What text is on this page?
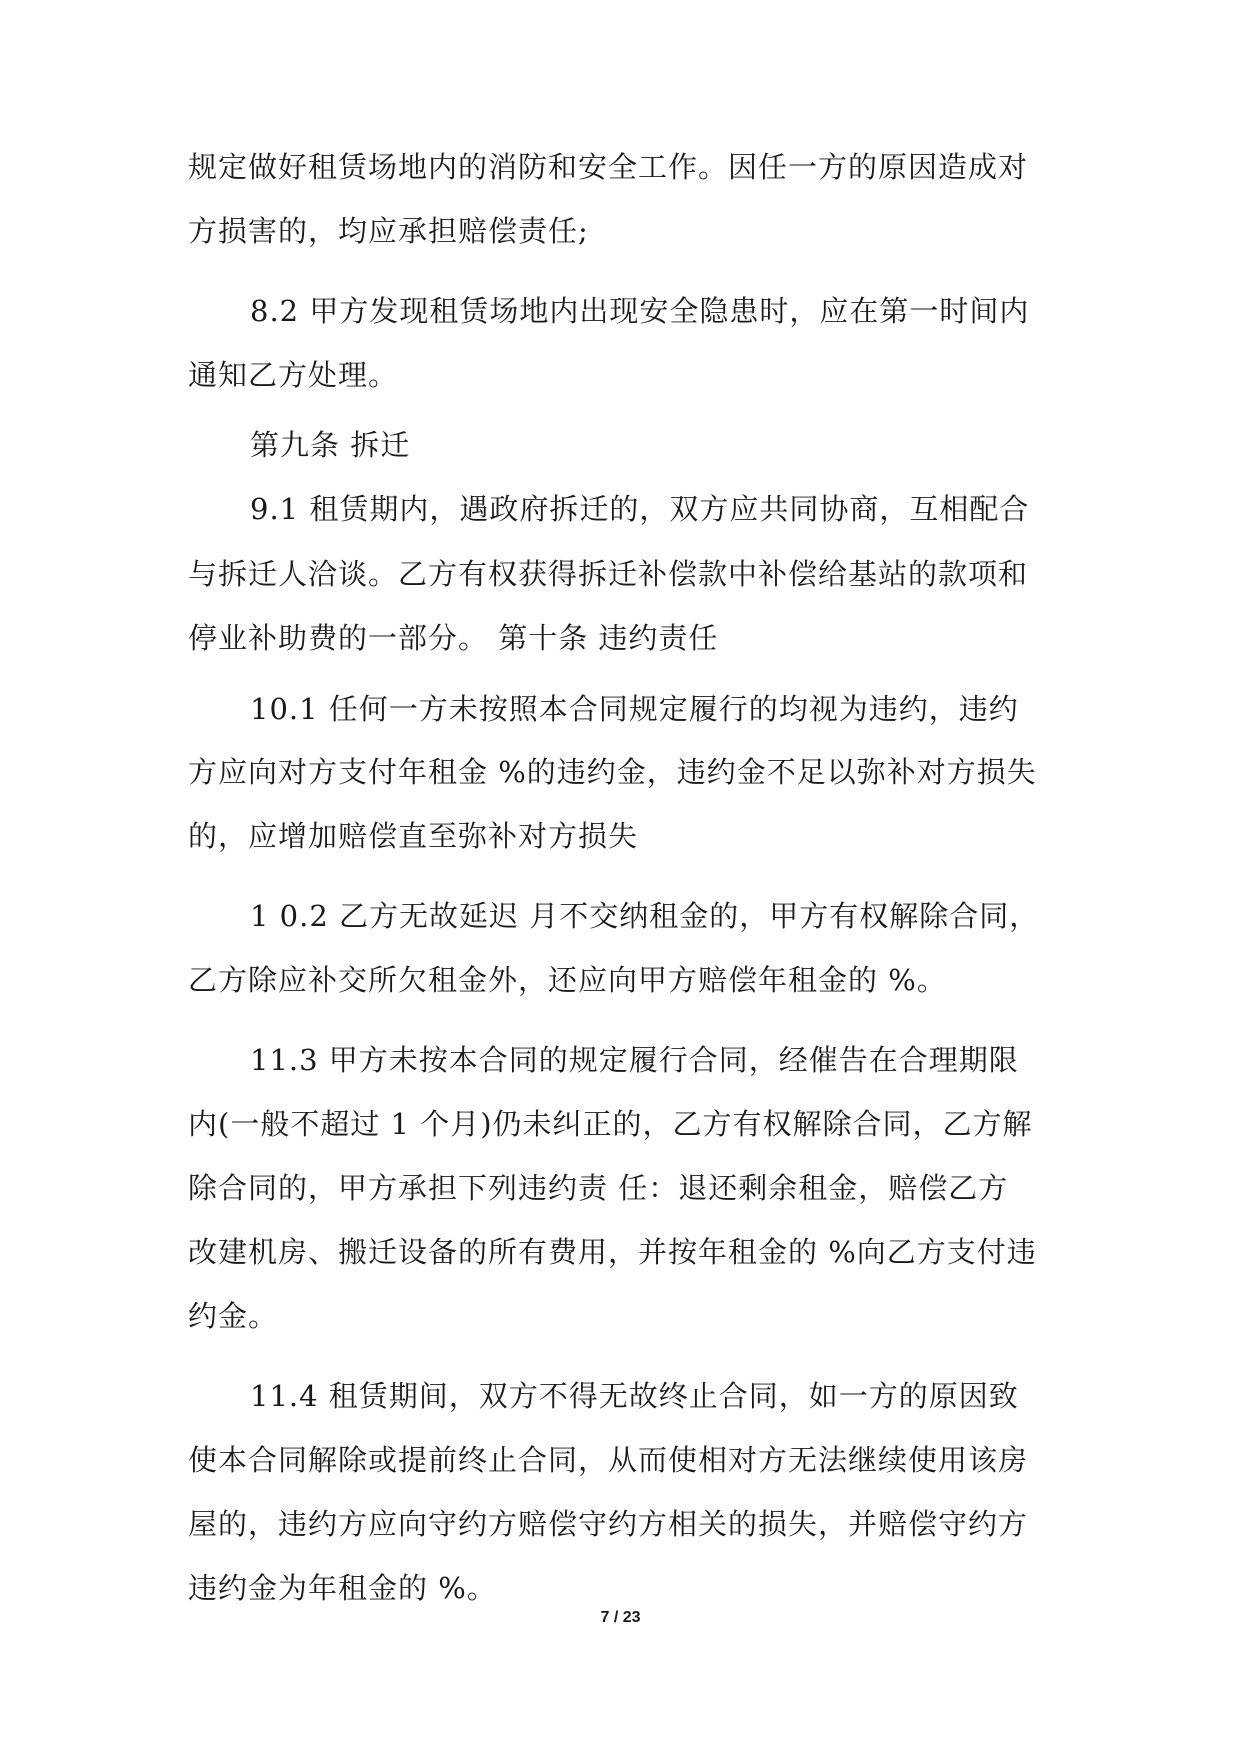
规定做好租赁场地内的消防和安全工作。因任一方的原因造成对
方损害的，均应承担赔偿责任;
8.2 甲方发现租赁场地内出现安全隐患时，应在第一时间内
通知乙方处理。
第九条 拆迁
9.1 租赁期内，遇政府拆迁的，双方应共同协商，互相配合
与拆迁人洽谈。乙方有权获得拆迁补偿款中补偿给基站的款项和
停业补助费的一部分。 第十条 违约责任
10.1 任何一方未按照本合同规定履行的均视为违约，违约
方应向对方支付年租金 %的违约金，违约金不足以弥补对方损失
的，应增加赔偿直至弥补对方损失
1 0.2 乙方无故延迟 月不交纳租金的，甲方有权解除合同，
乙方除应补交所欠租金外，还应向甲方赔偿年租金的 %。
11.3 甲方未按本合同的规定履行合同，经催告在合理期限
内(一般不超过 1 个月)仍未纠正的，乙方有权解除合同，乙方解
除合同的，甲方承担下列违约责 任：退还剩余租金，赔偿乙方
改建机房、搬迁设备的所有费用，并按年租金的 %向乙方支付违
约金。
11.4 租赁期间，双方不得无故终止合同，如一方的原因致
使本合同解除或提前终止合同，从而使相对方无法继续使用该房
屋的，违约方应向守约方赔偿守约方相关的损失，并赔偿守约方
违约金为年租金的 %。
7 / 23
